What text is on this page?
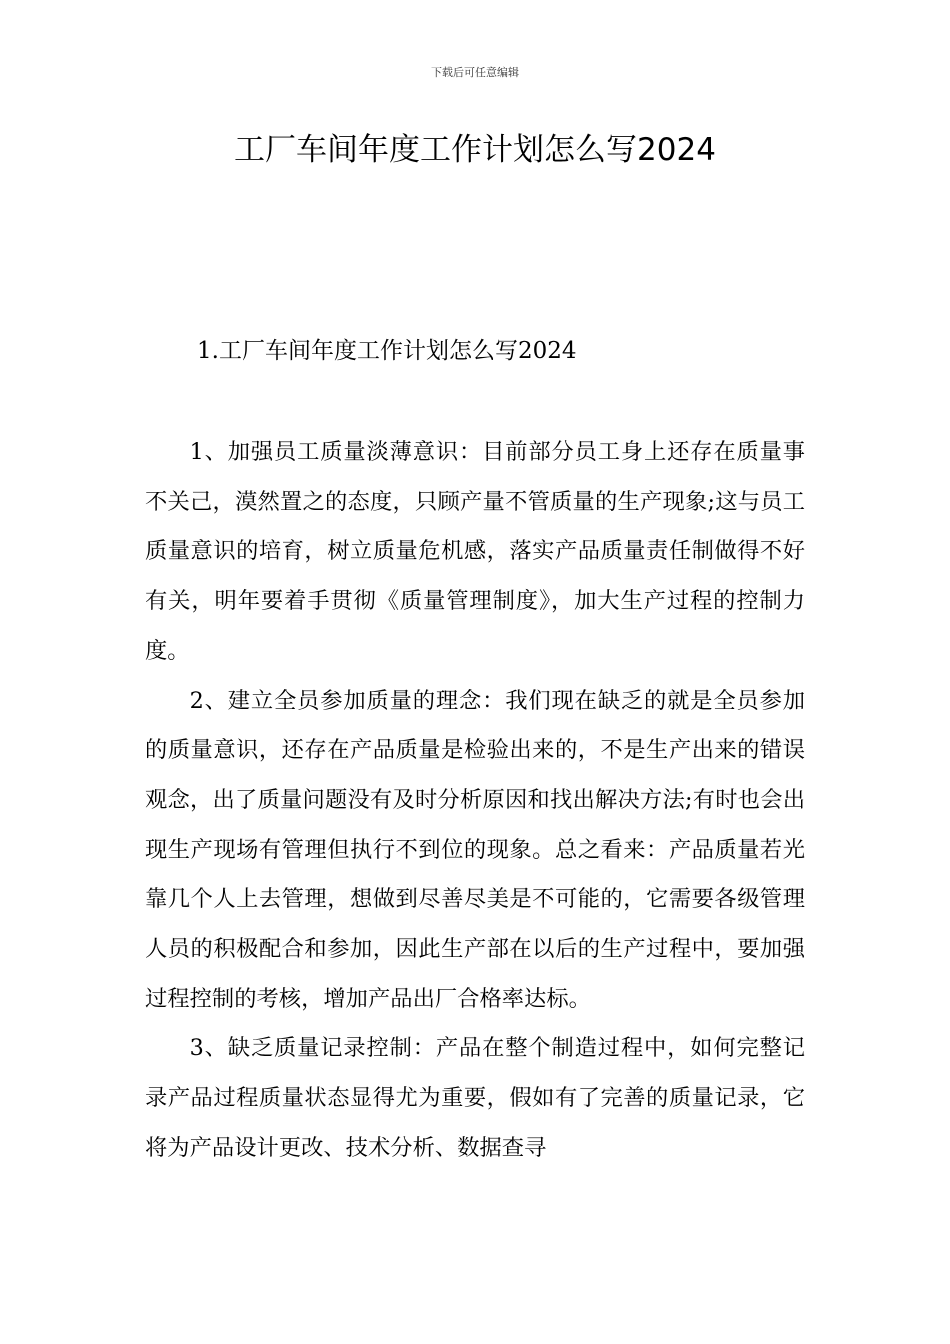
下载后可任意编辑
工厂车间年度工作计划怎么写2024
1.工厂车间年度工作计划怎么写2024

1、加强员工质量淡薄意识：目前部分员工身上还存在质量事不关己，漠然置之的态度，只顾产量不管质量的生产现象;这与员工质量意识的培育，树立质量危机感，落实产品质量责任制做得不好有关，明年要着手贯彻《质量管理制度》，加大生产过程的控制力度。

2、建立全员参加质量的理念：我们现在缺乏的就是全员参加的质量意识，还存在产品质量是检验出来的，不是生产出来的错误观念，出了质量问题没有及时分析原因和找出解决方法;有时也会出现生产现场有管理但执行不到位的现象。总之看来：产品质量若光靠几个人上去管理，想做到尽善尽美是不可能的，它需要各级管理人员的积极配合和参加，因此生产部在以后的生产过程中，要加强过程控制的考核，增加产品出厂合格率达标。

3、缺乏质量记录控制：产品在整个制造过程中，如何完整记录产品过程质量状态显得尤为重要，假如有了完善的质量记录，它将为产品设计更改、技术分析、数据查寻
